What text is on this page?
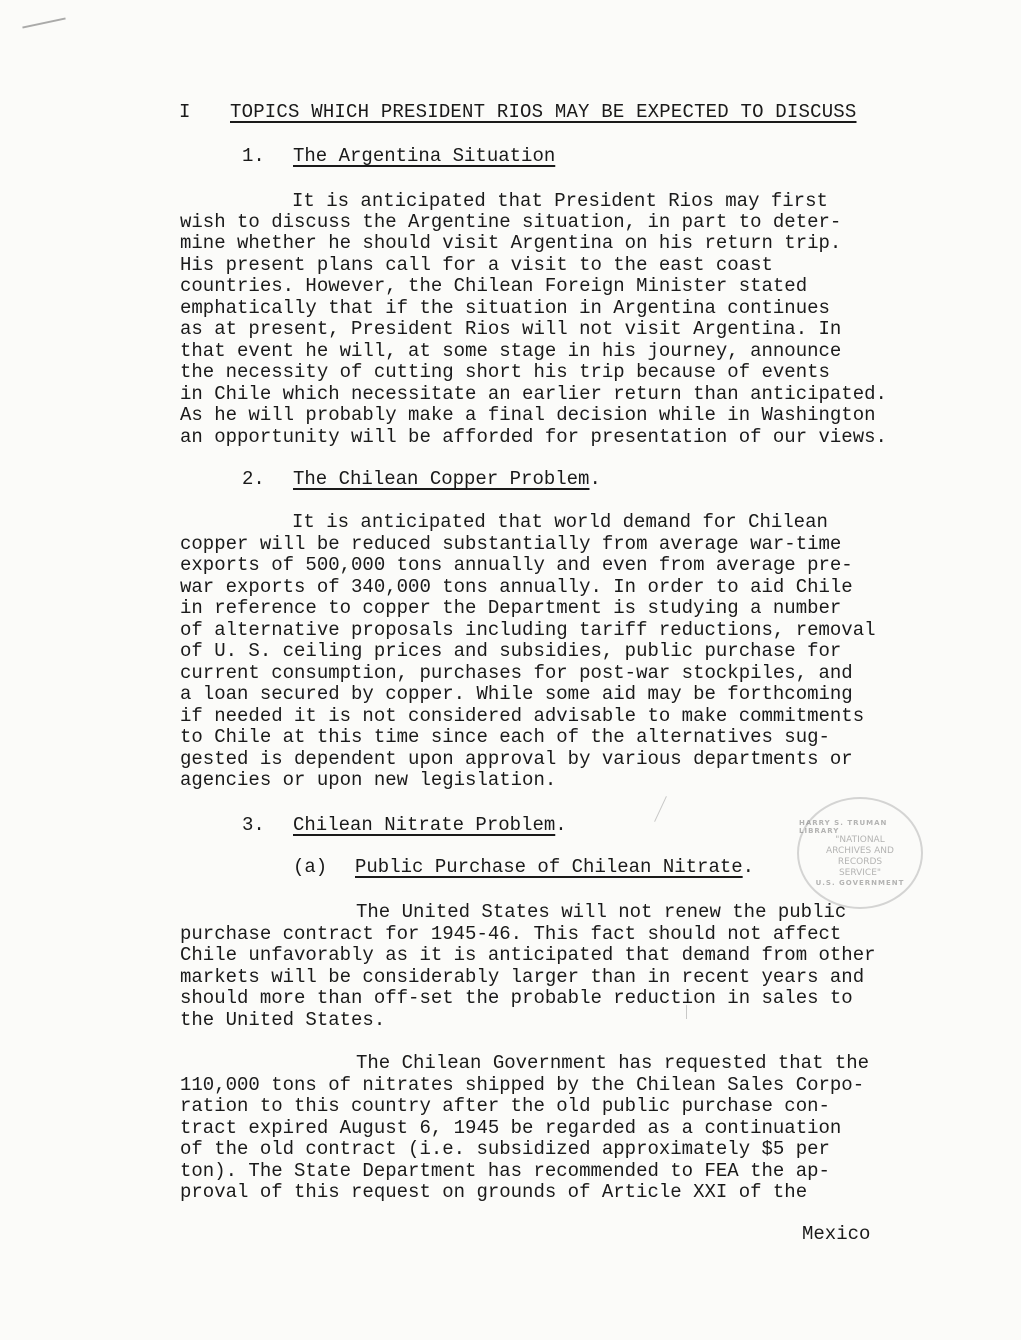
I TOPICS WHICH PRESIDENT RIOS MAY BE EXPECTED TO DISCUSS
1. The Argentina Situation
It is anticipated that President Rios may first
wish to discuss the Argentine situation, in part to deter-
mine whether he should visit Argentina on his return trip.
His present plans call for a visit to the east coast
countries. However, the Chilean Foreign Minister stated
emphatically that if the situation in Argentina continues
as at present, President Rios will not visit Argentina. In
that event he will, at some stage in his journey, announce
the necessity of cutting short his trip because of events
in Chile which necessitate an earlier return than anticipated.
As he will probably make a final decision while in Washington
an opportunity will be afforded for presentation of our views.
2. The Chilean Copper Problem.
It is anticipated that world demand for Chilean
copper will be reduced substantially from average war-time
exports of 500,000 tons annually and even from average pre-
war exports of 340,000 tons annually. In order to aid Chile
in reference to copper the Department is studying a number
of alternative proposals including tariff reductions, removal
of U. S. ceiling prices and subsidies, public purchase for
current consumption, purchases for post-war stockpiles, and
a loan secured by copper. While some aid may be forthcoming
if needed it is not considered advisable to make commitments
to Chile at this time since each of the alternatives sug-
gested is dependent upon approval by various departments or
agencies or upon new legislation.
3. Chilean Nitrate Problem.
(a) Public Purchase of Chilean Nitrate.
The United States will not renew the public
purchase contract for 1945-46. This fact should not affect
Chile unfavorably as it is anticipated that demand from other
markets will be considerably larger than in recent years and
should more than off-set the probable reduction in sales to
the United States.
The Chilean Government has requested that the
110,000 tons of nitrates shipped by the Chilean Sales Corpo-
ration to this country after the old public purchase con-
tract expired August 6, 1945 be regarded as a continuation
of the old contract (i.e. subsidized approximately $5 per
ton). The State Department has recommended to FEA the ap-
proval of this request on grounds of Article XXI of the
Mexico
HARRY S. TRUMAN LIBRARY
"NATIONAL ARCHIVES AND RECORDS SERVICE"
U.S. GOVERNMENT
